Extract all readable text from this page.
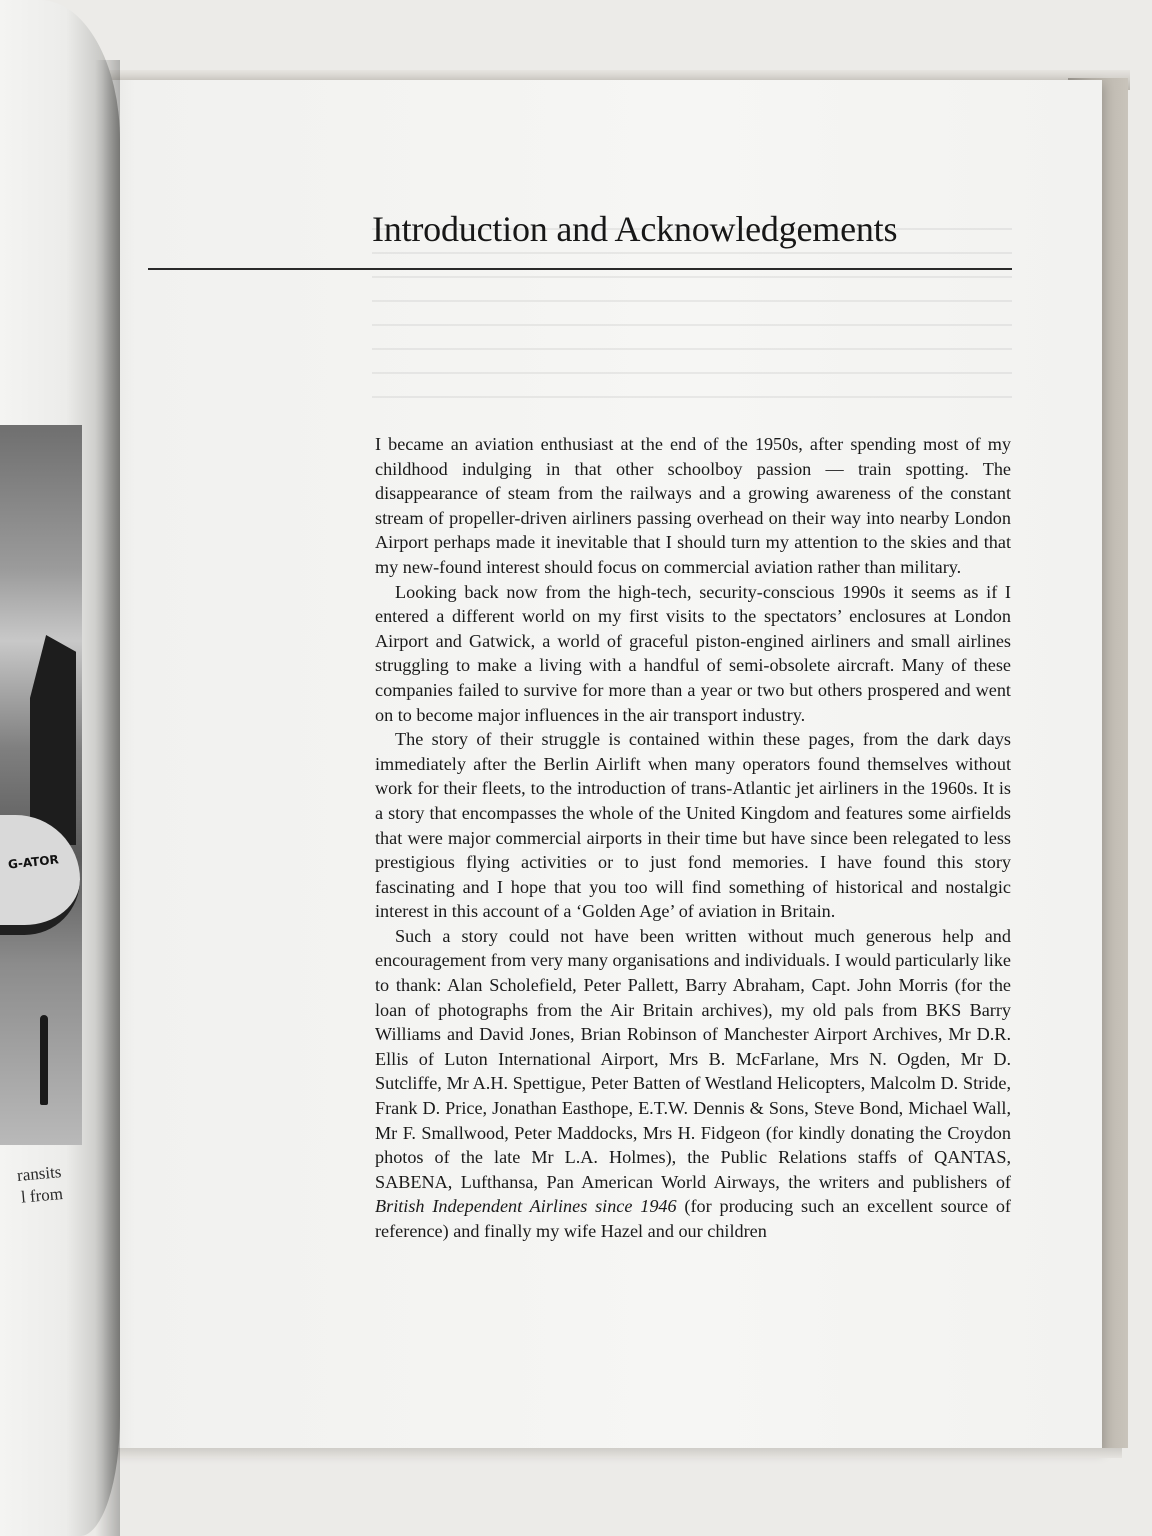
G-ATOR
ransits
l from
Introduction and Acknowledgements

I became an aviation enthusiast at the end of the 1950s, after spending most of my childhood indulging in that other schoolboy passion — train spotting. The disappearance of steam from the railways and a growing awareness of the constant stream of propeller-driven airliners passing overhead on their way into nearby London Airport perhaps made it inevitable that I should turn my attention to the skies and that my new-found interest should focus on commercial aviation rather than military.

Looking back now from the high-tech, security-conscious 1990s it seems as if I entered a different world on my first visits to the spectators’ enclosures at London Airport and Gatwick, a world of graceful piston-engined airliners and small airlines struggling to make a living with a handful of semi-obsolete aircraft. Many of these companies failed to survive for more than a year or two but others prospered and went on to become major influences in the air transport industry.

The story of their struggle is contained within these pages, from the dark days immediately after the Berlin Airlift when many operators found themselves without work for their fleets, to the introduction of trans-Atlantic jet airliners in the 1960s. It is a story that encompasses the whole of the United Kingdom and features some airfields that were major commercial airports in their time but have since been relegated to less prestigious flying activities or to just fond memories. I have found this story fascinating and I hope that you too will find something of historical and nostalgic interest in this account of a ‘Golden Age’ of aviation in Britain.

Such a story could not have been written without much generous help and encouragement from very many organisations and individuals. I would particularly like to thank: Alan Scholefield, Peter Pallett, Barry Abraham, Capt. John Morris (for the loan of photographs from the Air Britain archives), my old pals from BKS Barry Williams and David Jones, Brian Robinson of Manchester Airport Archives, Mr D.R. Ellis of Luton International Airport, Mrs B. McFarlane, Mrs N. Ogden, Mr D. Sutcliffe, Mr A.H. Spettigue, Peter Batten of Westland Helicopters, Malcolm D. Stride, Frank D. Price, Jonathan Easthope, E.T.W. Dennis & Sons, Steve Bond, Michael Wall, Mr F. Smallwood, Peter Maddocks, Mrs H. Fidgeon (for kindly donating the Croydon photos of the late Mr L.A. Holmes), the Public Relations staffs of QANTAS, SABENA, Lufthansa, Pan American World Airways, the writers and publishers of British Independent Airlines since 1946 (for producing such an excellent source of reference) and finally my wife Hazel and our children
